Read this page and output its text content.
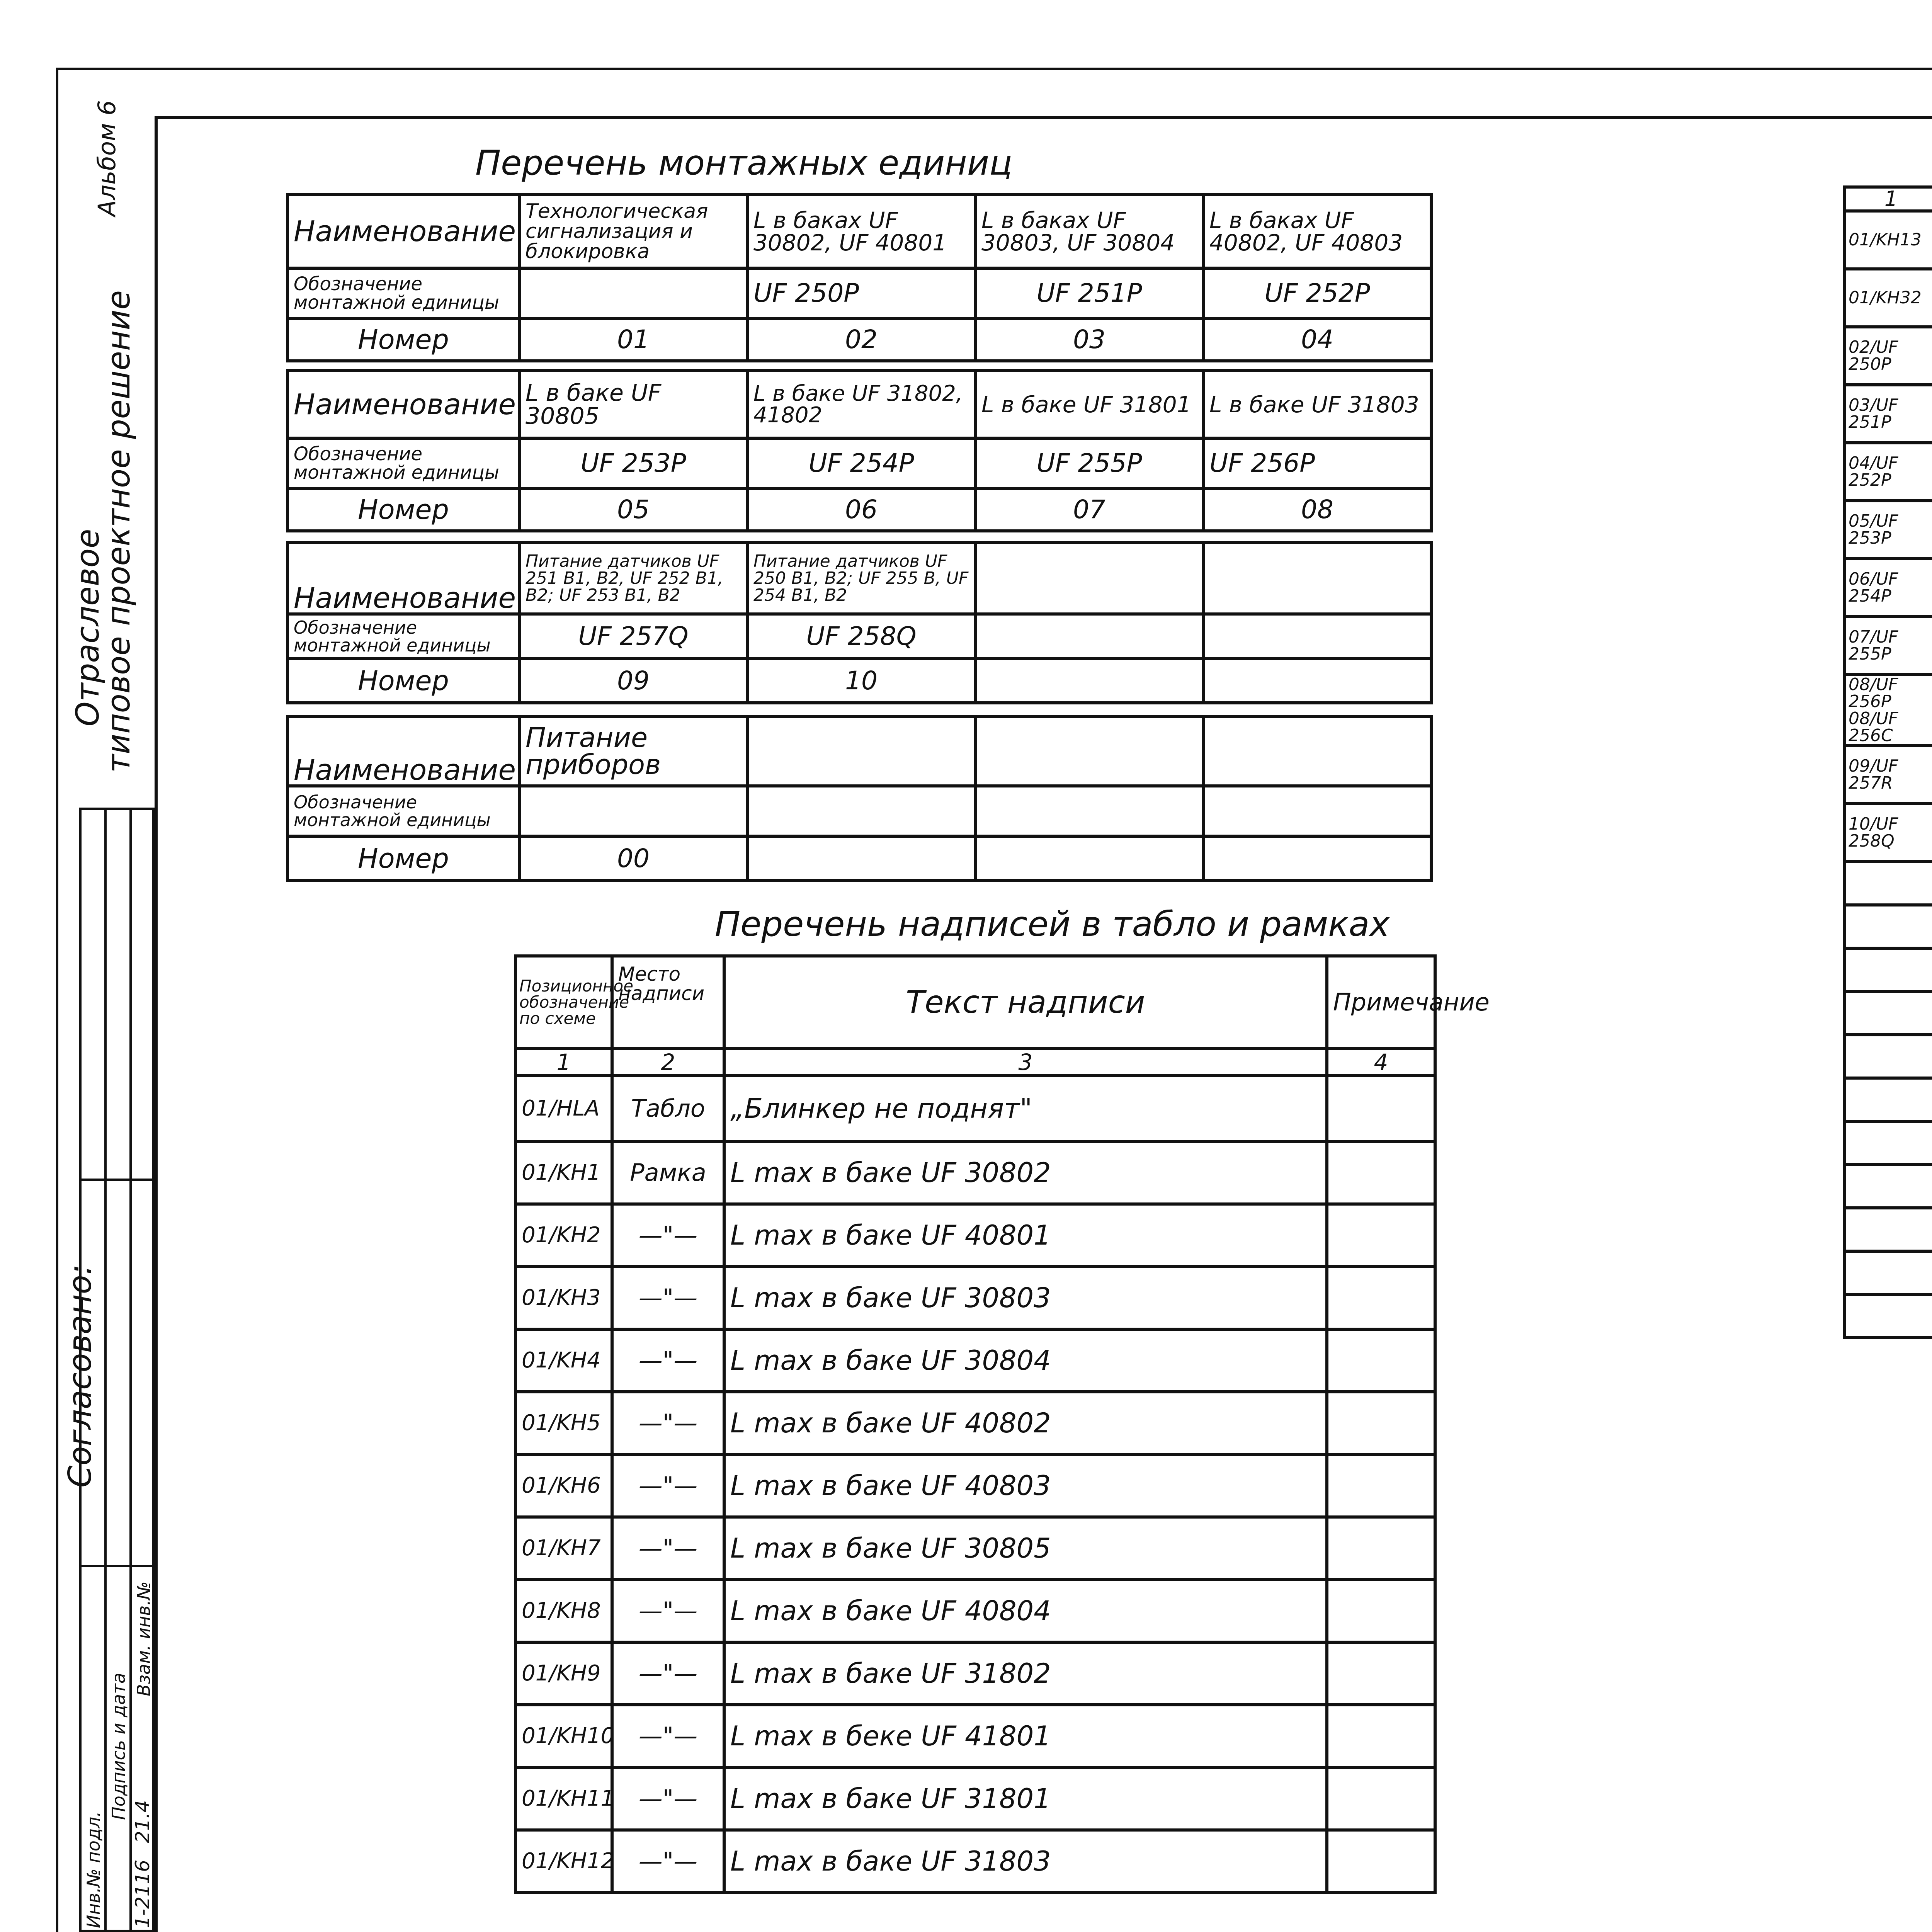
Альбом 6
Отраслевое
типовое проектное решение
Согласовано:
Инв.№ подл.
Подпись и дата
Взам. инв.№
1-2116
21.4
Перечень монтажных единиц
Наименование	Технологическая сигнализация и блокировка	L в баках UF 30802, UF 40801	L в баках UF 30803, UF 30804	L в баках UF 40802, UF 40803
Обозначение монтажной единицы		UF 250P	UF 251P	UF 252P
Номер	01	02	03	04
Наименование	L в баке UF 30805	L в баке UF 31802, 41802	L в баке UF 31801	L в баке UF 31803
Обозначение монтажной единицы	UF 253P	UF 254P	UF 255P	UF 256P
Номер	05	06	07	08
Наименование	Питание датчиков UF 251 B1, B2, UF 252 B1, B2; UF 253 B1, B2	Питание датчиков UF 250 B1, B2; UF 255 B, UF 254 B1, B2		
Обозначение монтажной единицы	UF 257Q	UF 258Q		
Номер	09	10		
Наименование	Питание приборов			
Обозначение монтажной единицы				
Номер	00			
Перечень надписей в табло и рамках
Позиционное обозначение по схеме	Место надписи	Текст надписи	Примечание
1	2	3	4
01/HLA	Табло	„Блинкер не поднят"	
01/KH1	Рамка	L max в баке UF 30802	
01/KH2	—"—	L max в баке UF 40801	
01/KH3	—"—	L max в баке UF 30803	
01/KH4	—"—	L max в баке UF 30804	
01/KH5	—"—	L max в баке UF 40802	
01/KH6	—"—	L max в баке UF 40803	
01/KH7	—"—	L max в баке UF 30805	
01/KH8	—"—	L max в баке UF 40804	
01/KH9	—"—	L max в баке UF 31802	
01/KH10	—"—	L max в беке UF 41801	
01/KH11	—"—	L max в баке UF 31801	
01/KH12	—"—	L max в баке UF 31803	
1			
01/KH13			
01/KH32			
02/UF 250P			
03/UF 251P			
04/UF 252P			
05/UF 253P			
06/UF 254P			
07/UF 255P			
08/UF 256P 08/UF 256C			
09/UF 257R			
10/UF 258Q			
